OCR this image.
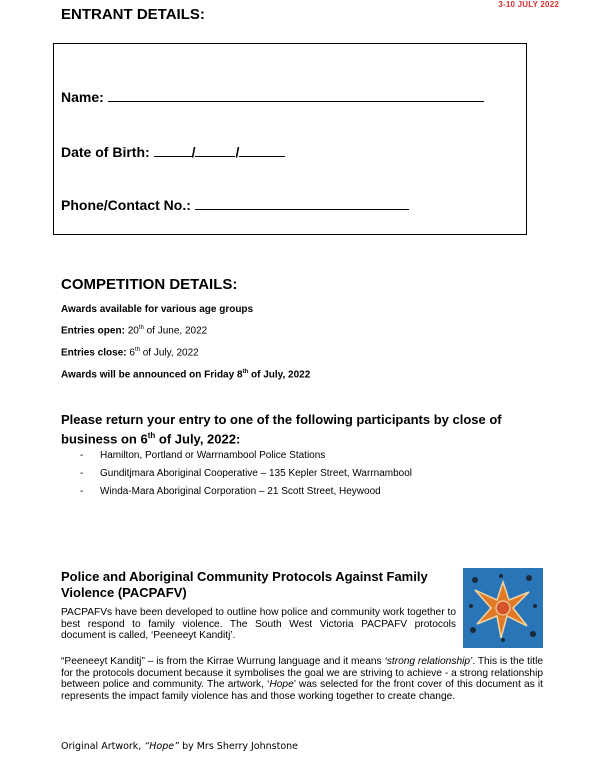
3-10 JULY 2022
ENTRANT DETAILS:
Name:
Date of Birth:	/	/
Phone/Contact No.:
COMPETITION DETAILS:
Awards available for various age groups
Entries open: 20th of June, 2022
Entries close: 6th of July, 2022
Awards will be announced on Friday 8th of July, 2022
Please return your entry to one of the following participants by close of
business on 6th of July, 2022:
- Hamilton, Portland or Warrnambool Police Stations
- Gunditjmara Aboriginal Cooperative – 135 Kepler Street, Warrnambool
- Winda-Mara Aboriginal Corporation – 21 Scott Street, Heywood
Police and Aboriginal Community Protocols Against Family
Violence (PACPAFV)
PACPAFVs have been developed to outline how police and community work together to best respond to family violence. The South West Victoria PACPAFV protocols document is called, ‘Peeneeyt Kanditj’.
“Peeneeyt Kanditj” – is from the Kirrae Wurrung language and it means ‘strong relationship’. This is the title for the protocols document because it symbolises the goal we are striving to achieve - a strong relationship between police and community. The artwork, ‘Hope’ was selected for the front cover of this document as it represents the impact family violence has and those working together to create change.
Original Artwork, “Hope” by Mrs Sherry Johnstone
